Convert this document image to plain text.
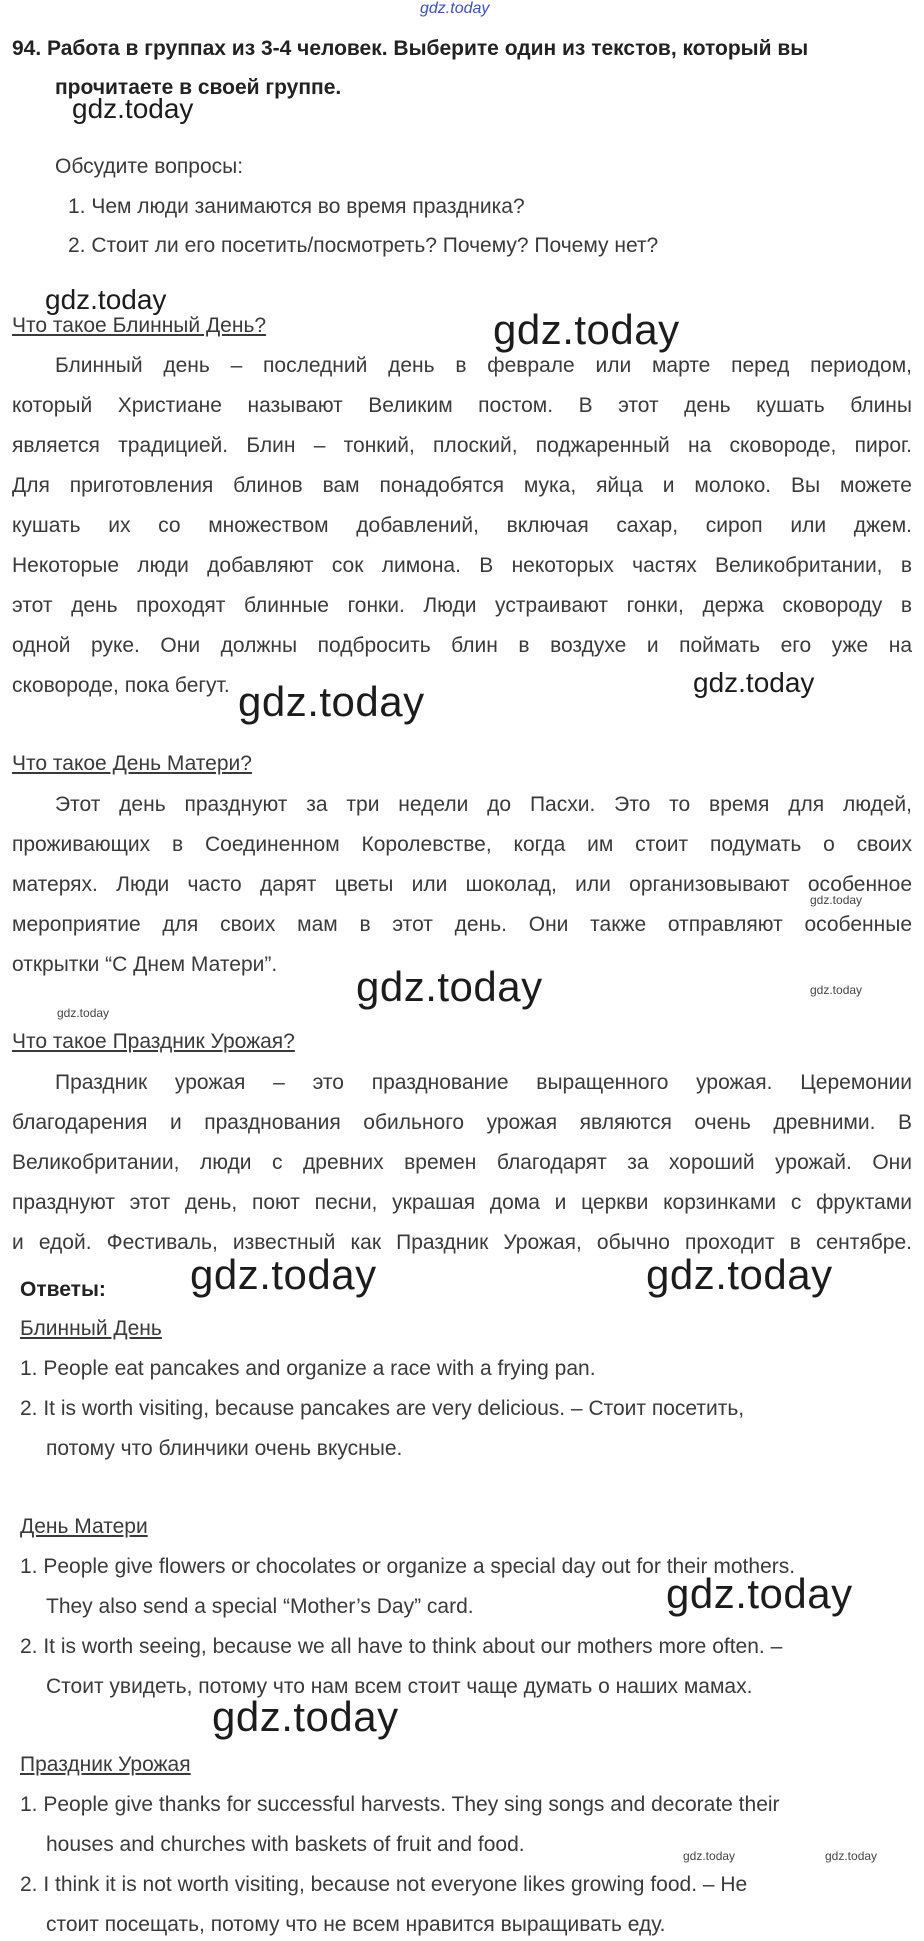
gdz.today
94. Работа в группах из 3-4 человек. Выберите один из текстов, который вы
прочитаете в своей группе.
gdz.today
Обсудите вопросы:
1. Чем люди занимаются во время праздника?
2. Стоит ли его посетить/посмотреть? Почему? Почему нет?
gdz.today
Что такое Блинный День?	gdz.today
Блинный день – последний день в феврале или марте перед периодом,
который Христиане называют Великим постом. В этот день кушать блины
является традицией. Блин – тонкий, плоский, поджаренный на сковороде, пирог.
Для приготовления блинов вам понадобятся мука, яйца и молоко. Вы можете
кушать их со множеством добавлений, включая сахар, сироп или джем.
Некоторые люди добавляют сок лимона. В некоторых частях Великобритании, в
этот день проходят блинные гонки. Люди устраивают гонки, держа сковороду в
одной руке. Они должны подбросить блин в воздухе и поймать его уже на
сковороде, пока бегут.	gdz.today
gdz.today
Что такое День Матери?
Этот день празднуют за три недели до Пасхи. Это то время для людей,
проживающих в Соединенном Королевстве, когда им стоит подумать о своих
матерях. Люди часто дарят цветы или шоколад, или организовывают особенное
мероприятие для своих мам в этот день. Они также отправляют особенные
открытки “С Днем Матери”.
gdz.today
gdz.today	gdz.today
gdz.today
Что такое Праздник Урожая?
Праздник урожая – это празднование выращенного урожая. Церемонии
благодарения и празднования обильного урожая являются очень древними. В
Великобритании, люди с древних времен благодарят за хороший урожай. Они
празднуют этот день, поют песни, украшая дома и церкви корзинками с фруктами
и едой. Фестиваль, известный как Праздник Урожая, обычно проходит в сентябре.
Ответы: gdz.today	gdz.today
Блинный День
1. People eat pancakes and organize a race with a frying pan.
2. It is worth visiting, because pancakes are very delicious. – Стоит посетить,
потому что блинчики очень вкусные.
День Матери
1. People give flowers or chocolates or organize a special day out for their mothers.
They also send a special “Mother’s Day” card.	gdz.today
2. It is worth seeing, because we all have to think about our mothers more often. –
Стоит увидеть, потому что нам всем стоит чаще думать о наших мамах.
gdz.today
Праздник Урожая
1. People give thanks for successful harvests. They sing songs and decorate their
houses and churches with baskets of fruit and food.	gdz.today	gdz.today
2. I think it is not worth visiting, because not everyone likes growing food. – Не
стоит посещать, потому что не всем нравится выращивать еду.
